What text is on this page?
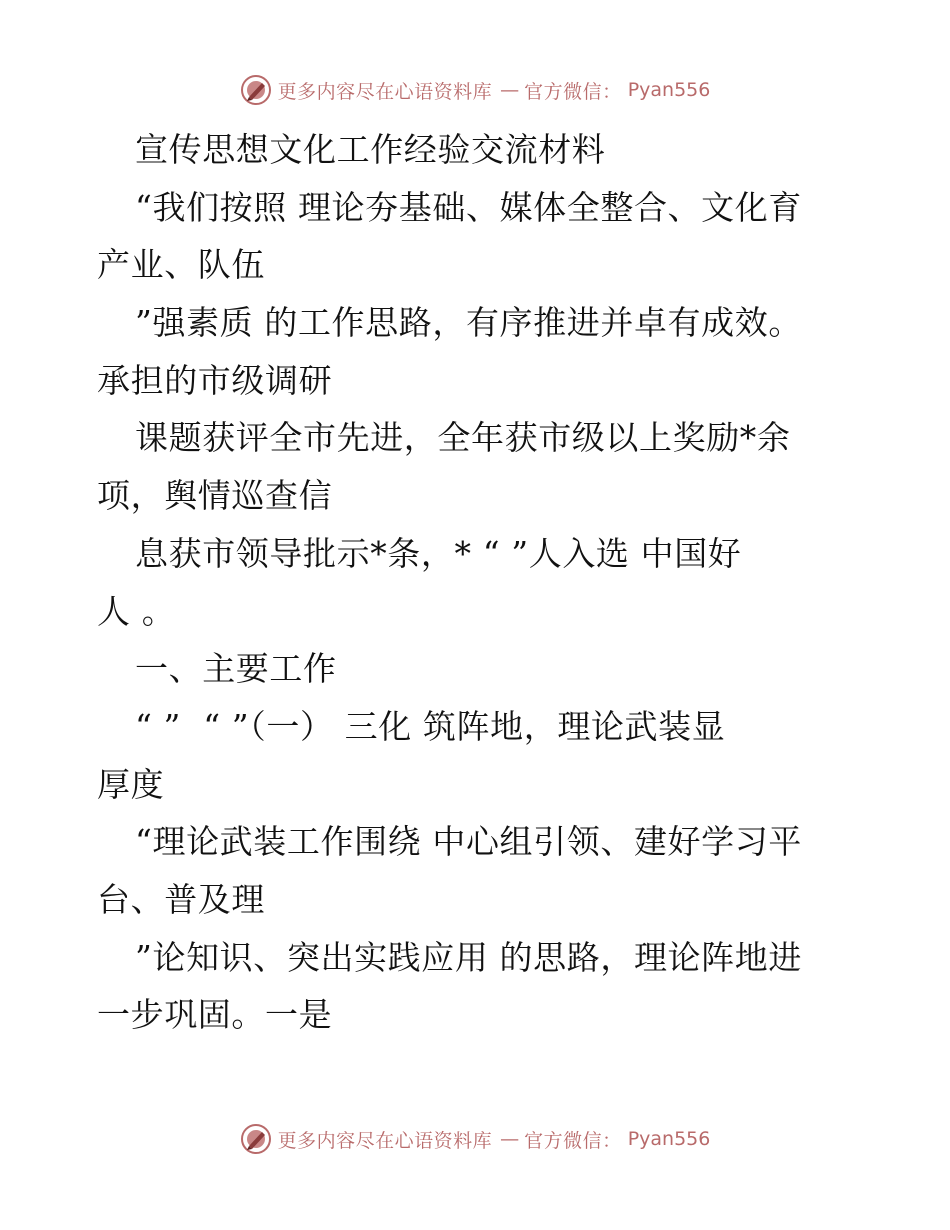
更多内容尽在心语资料库 — 官方微信： Pyan556
宣传思想文化工作经验交流材料
“我们按照 理论夯基础、媒体全整合、文化育
产业、队伍
”强素质 的工作思路，有序推进并卓有成效。
承担的市级调研
课题获评全市先进，全年获市级以上奖励*余
项，舆情巡查信
息获市领导批示*条，* “ ”人入选 中国好
人 。
一、主要工作
“ ”  “ ”（一） 三化 筑阵地，理论武装显
厚度
“理论武装工作围绕 中心组引领、建好学习平
台、普及理
”论知识、突出实践应用 的思路，理论阵地进
一步巩固。一是
更多内容尽在心语资料库 — 官方微信： Pyan556
